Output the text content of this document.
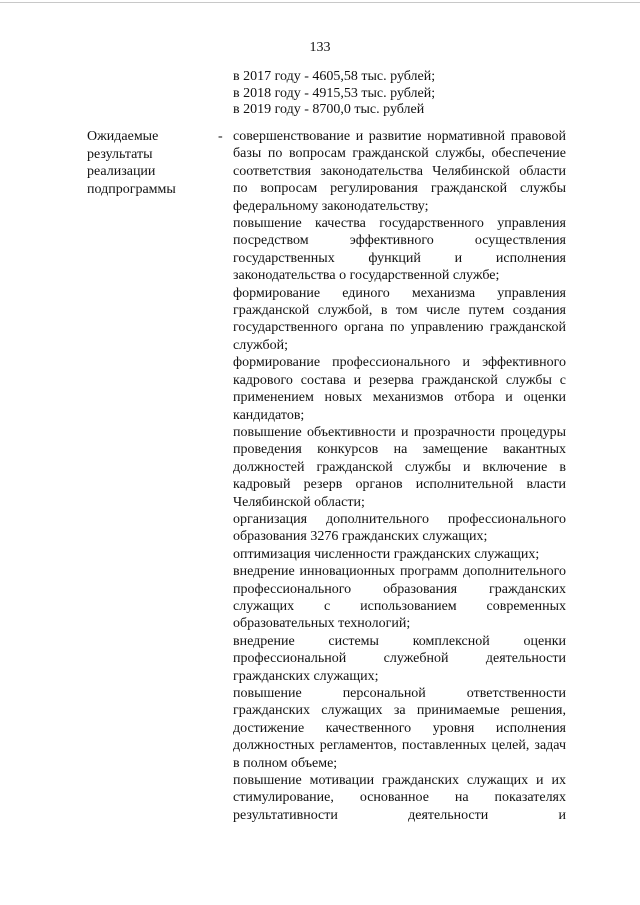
133
в 2017 году - 4605,58 тыс. рублей;
в 2018 году - 4915,53 тыс. рублей;
в 2019 году - 8700,0 тыс. рублей
Ожидаемые
результаты
реализации
подпрограммы
- совершенствование и развитие нормативной правовой базы по вопросам гражданской службы, обеспечение соответствия законодательства Челябинской области по вопросам регулирования гражданской службы федеральному законодательству;

повышение качества государственного управления посредством эффективного осуществления государственных функций и исполнения законодательства о государственной службе;

формирование единого механизма управления гражданской службой, в том числе путем создания государственного органа по управлению гражданской службой;

формирование профессионального и эффективного кадрового состава и резерва гражданской службы с применением новых механизмов отбора и оценки кандидатов;

повышение объективности и прозрачности процедуры проведения конкурсов на замещение вакантных должностей гражданской службы и включение в кадровый резерв органов исполнительной власти Челябинской области;

организация дополнительного профессионального образования 3276 гражданских служащих;

оптимизация численности гражданских служащих;

внедрение инновационных программ дополнительного профессионального образования гражданских служащих с использованием современных образовательных технологий;

внедрение системы комплексной оценки профессиональной служебной деятельности гражданских служащих;

повышение персональной ответственности гражданских служащих за принимаемые решения, достижение качественного уровня исполнения должностных регламентов, поставленных целей, задач в полном объеме;

повышение мотивации гражданских служащих и их стимулирование, основанное на показателях результативности деятельности и
